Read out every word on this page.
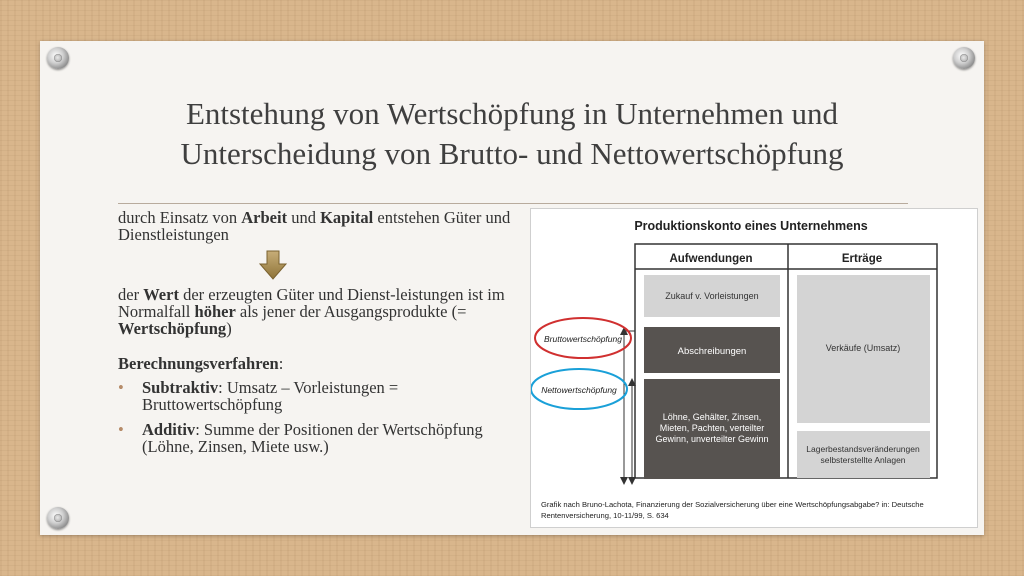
Entstehung von Wertschöpfung in Unternehmen und
Unterscheidung von Brutto- und Nettowertschöpfung

durch Einsatz von Arbeit und Kapital entstehen Güter und Dienstleistungen

der Wert der erzeugten Güter und Dienst-leistungen ist im Normalfall höher als jener der Ausgangsprodukte (= Wertschöpfung)

Berechnungsverfahren:

• Subtraktiv: Umsatz – Vorleistungen = Bruttowertschöpfung
• Additiv: Summe der Positionen der Wertschöpfung (Löhne, Zinsen, Miete usw.)
Produktionskonto eines Unternehmens
Aufwendungen	Erträge
Zukauf v. Vorleistungen
Abschreibungen
Löhne, Gehälter, Zinsen,
Mieten, Pachten, verteilter
Gewinn, unverteilter Gewinn
Verkäufe (Umsatz)
Lagerbestandsveränderungen
selbsterstellte Anlagen
Bruttowertschöpfung
Nettowertschöpfung
Grafik nach Bruno-Lachota, Finanzierung der Sozialversicherung über eine Wertschöpfungsabgabe? in: Deutsche
Rentenversicherung, 10-11/99, S. 634
